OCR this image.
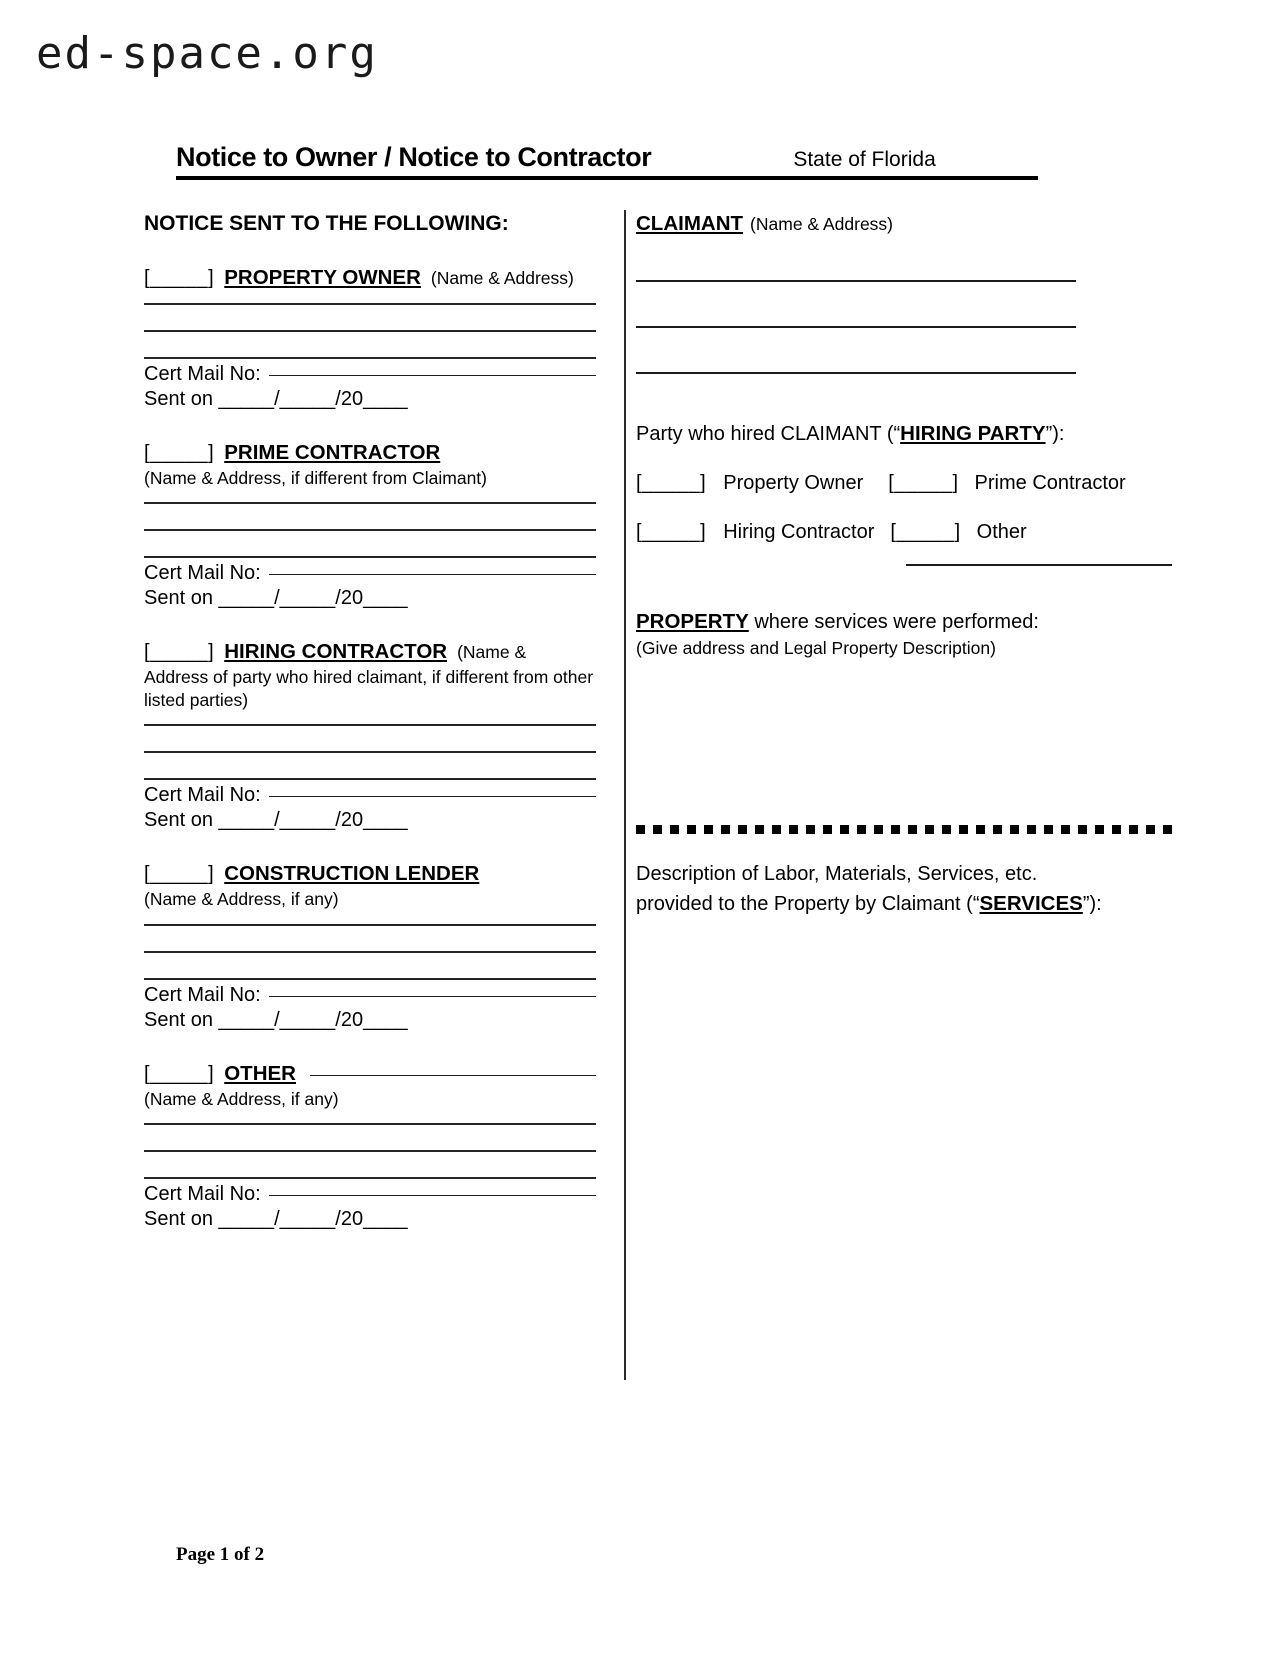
ed-space.org
Notice to Owner / Notice to Contractor	State of Florida
NOTICE SENT TO THE FOLLOWING:
[_____] PROPERTY OWNER (Name & Address)
Cert Mail No:
Sent on _____/_____/20____
[_____] PRIME CONTRACTOR
(Name & Address, if different from Claimant)
Cert Mail No:
Sent on _____/_____/20____
[_____] HIRING CONTRACTOR (Name &
Address of party who hired claimant, if different from other listed parties)
Cert Mail No:
Sent on _____/_____/20____
[_____] CONSTRUCTION LENDER
(Name & Address, if any)
Cert Mail No:
Sent on _____/_____/20____
[_____] OTHER
(Name & Address, if any)
Cert Mail No:
Sent on _____/_____/20____
CLAIMANT (Name & Address)
Party who hired CLAIMANT (“HIRING PARTY”):
[_____] Property Owner [_____] Prime Contractor
[_____] Hiring Contractor [_____] Other
PROPERTY where services were performed:
(Give address and Legal Property Description)
Description of Labor, Materials, Services, etc.
provided to the Property by Claimant (“SERVICES”):
Page 1 of 2
